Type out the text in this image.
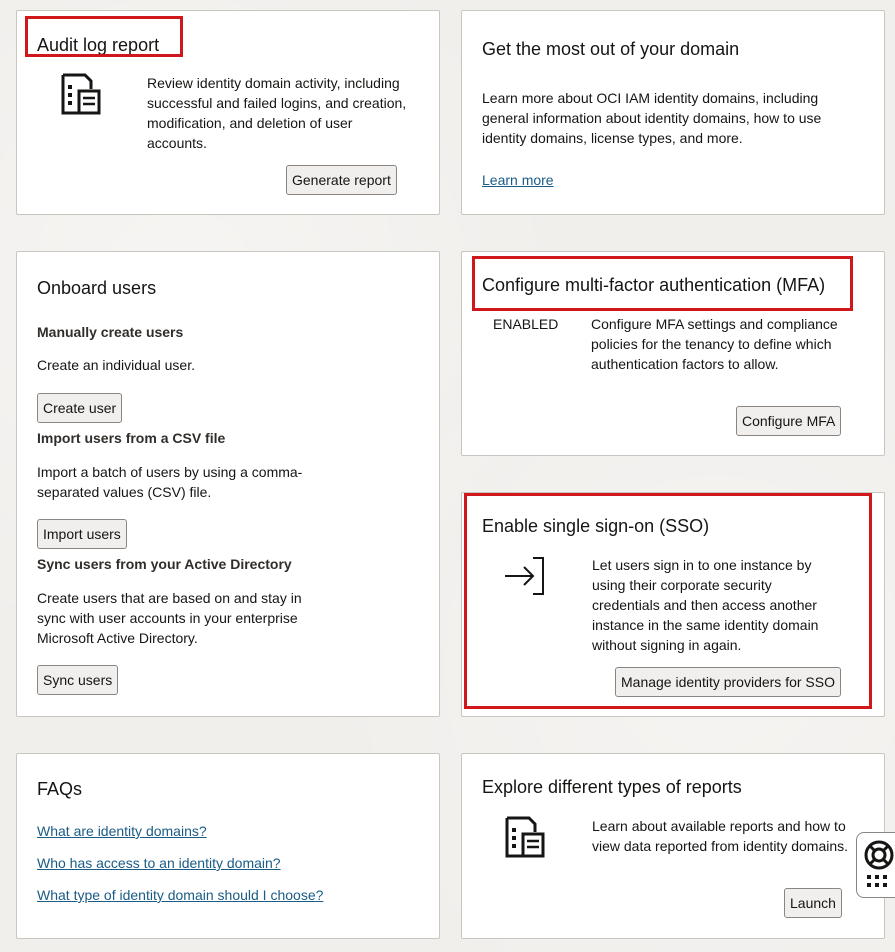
Audit log report
Review identity domain activity, including successful and failed logins, and creation, modification, and deletion of user accounts.
Generate report
Get the most out of your domain
Learn more about OCI IAM identity domains, including general information about identity domains, how to use identity domains, license types, and more.
Learn more
Onboard users
Manually create users
Create an individual user.
Create user
Import users from a CSV file
Import a batch of users by using a comma-separated values (CSV) file.
Import users
Sync users from your Active Directory
Create users that are based on and stay in sync with user accounts in your enterprise Microsoft Active Directory.
Sync users
Configure multi-factor authentication (MFA)
ENABLED Configure MFA settings and compliance policies for the tenancy to define which authentication factors to allow.
Configure MFA
Enable single sign-on (SSO)
Let users sign in to one instance by using their corporate security credentials and then access another instance in the same identity domain without signing in again.
Manage identity providers for SSO
FAQs
What are identity domains?
Who has access to an identity domain?
What type of identity domain should I choose?
Explore different types of reports
Learn about available reports and how to view data reported from identity domains.
Launch
